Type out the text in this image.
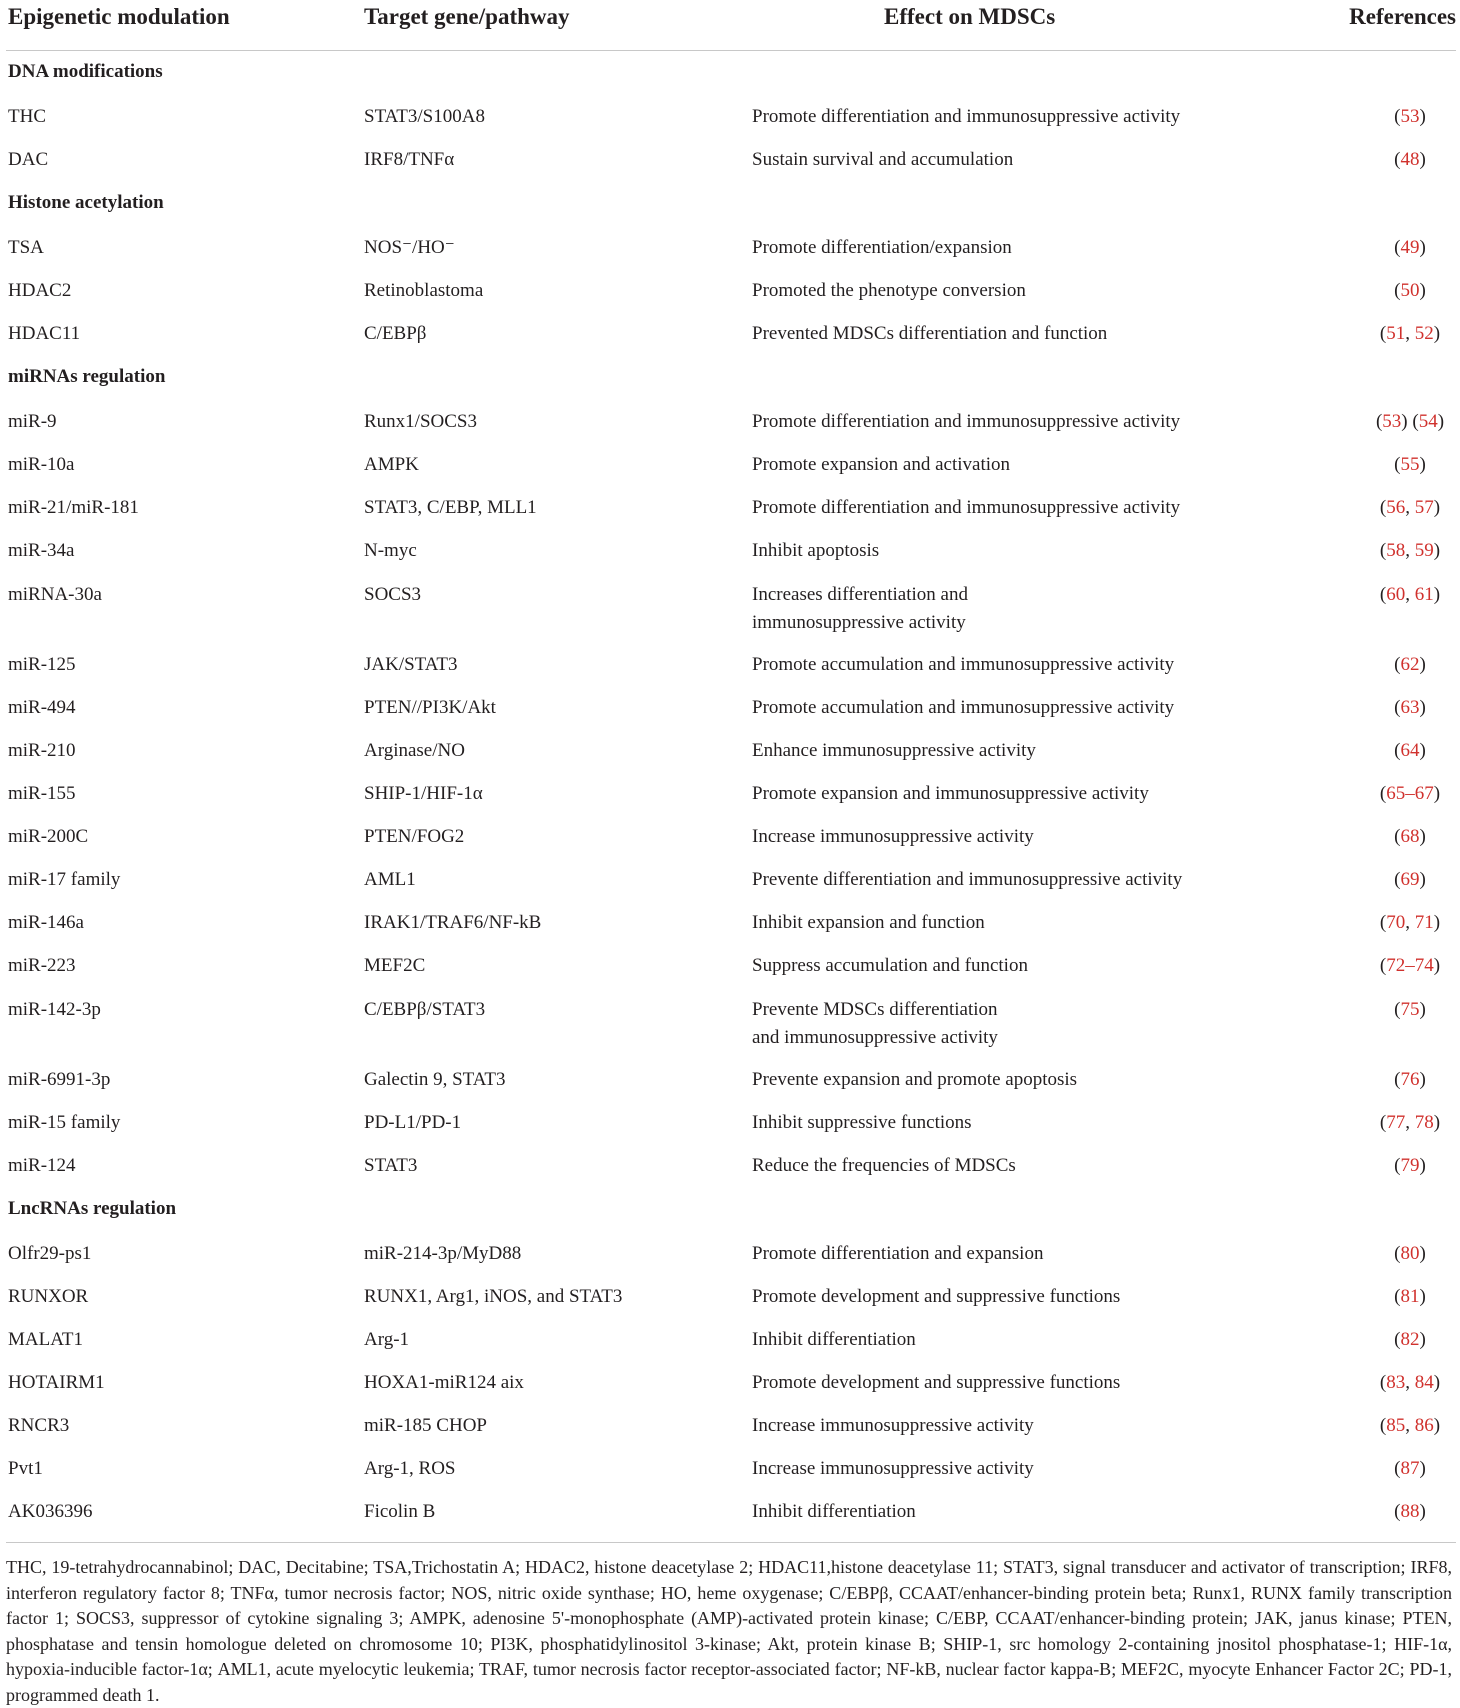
Epigenetic modulation	Target gene/pathway	Effect on MDSCs	References
DNA modifications			
THC	STAT3/S100A8	Promote differentiation and immunosuppressive activity	(53)
DAC	IRF8/TNFα	Sustain survival and accumulation	(48)
Histone acetylation			
TSA	NOS⁻/HO⁻	Promote differentiation/expansion	(49)
HDAC2	Retinoblastoma	Promoted the phenotype conversion	(50)
HDAC11	C/EBPβ	Prevented MDSCs differentiation and function	(51, 52)
miRNAs regulation			
miR-9	Runx1/SOCS3	Promote differentiation and immunosuppressive activity	(53) (54)
miR-10a	AMPK	Promote expansion and activation	(55)
miR-21/miR-181	STAT3, C/EBP, MLL1	Promote differentiation and immunosuppressive activity	(56, 57)
miR-34a	N-myc	Inhibit apoptosis	(58, 59)
miRNA-30a	SOCS3	Increases differentiation and
immunosuppressive activity	(60, 61)
miR-125	JAK/STAT3	Promote accumulation and immunosuppressive activity	(62)
miR-494	PTEN//PI3K/Akt	Promote accumulation and immunosuppressive activity	(63)
miR-210	Arginase/NO	Enhance immunosuppressive activity	(64)
miR-155	SHIP-1/HIF-1α	Promote expansion and immunosuppressive activity	(65–67)
miR-200C	PTEN/FOG2	Increase immunosuppressive activity	(68)
miR-17 family	AML1	Prevente differentiation and immunosuppressive activity	(69)
miR-146a	IRAK1/TRAF6/NF-kB	Inhibit expansion and function	(70, 71)
miR-223	MEF2C	Suppress accumulation and function	(72–74)
miR-142-3p	C/EBPβ/STAT3	Prevente MDSCs differentiation
and immunosuppressive activity	(75)
miR-6991-3p	Galectin 9, STAT3	Prevente expansion and promote apoptosis	(76)
miR-15 family	PD-L1/PD-1	Inhibit suppressive functions	(77, 78)
miR-124	STAT3	Reduce the frequencies of MDSCs	(79)
LncRNAs regulation			
Olfr29-ps1	miR-214-3p/MyD88	Promote differentiation and expansion	(80)
RUNXOR	RUNX1, Arg1, iNOS, and STAT3	Promote development and suppressive functions	(81)
MALAT1	Arg-1	Inhibit differentiation	(82)
HOTAIRM1	HOXA1-miR124 aix	Promote development and suppressive functions	(83, 84)
RNCR3	miR-185 CHOP	Increase immunosuppressive activity	(85, 86)
Pvt1	Arg-1, ROS	Increase immunosuppressive activity	(87)
AK036396	Ficolin B	Inhibit differentiation	(88)
THC, 19-tetrahydrocannabinol; DAC, Decitabine; TSA,Trichostatin A; HDAC2, histone deacetylase 2; HDAC11,histone deacetylase 11; STAT3, signal transducer and activator of transcription; IRF8, interferon regulatory factor 8; TNFα, tumor necrosis factor; NOS, nitric oxide synthase; HO, heme oxygenase; C/EBPβ, CCAAT/enhancer-binding protein beta; Runx1, RUNX family transcription factor 1; SOCS3, suppressor of cytokine signaling 3; AMPK, adenosine 5'-monophosphate (AMP)-activated protein kinase; C/EBP, CCAAT/enhancer-binding protein; JAK, janus kinase; PTEN, phosphatase and tensin homologue deleted on chromosome 10; PI3K, phosphatidylinositol 3-kinase; Akt, protein kinase B; SHIP-1, src homology 2-containing jnositol phosphatase-1; HIF-1α, hypoxia-inducible factor-1α; AML1, acute myelocytic leukemia; TRAF, tumor necrosis factor receptor-associated factor; NF-kB, nuclear factor kappa-B; MEF2C, myocyte Enhancer Factor 2C; PD-1, programmed death 1.
